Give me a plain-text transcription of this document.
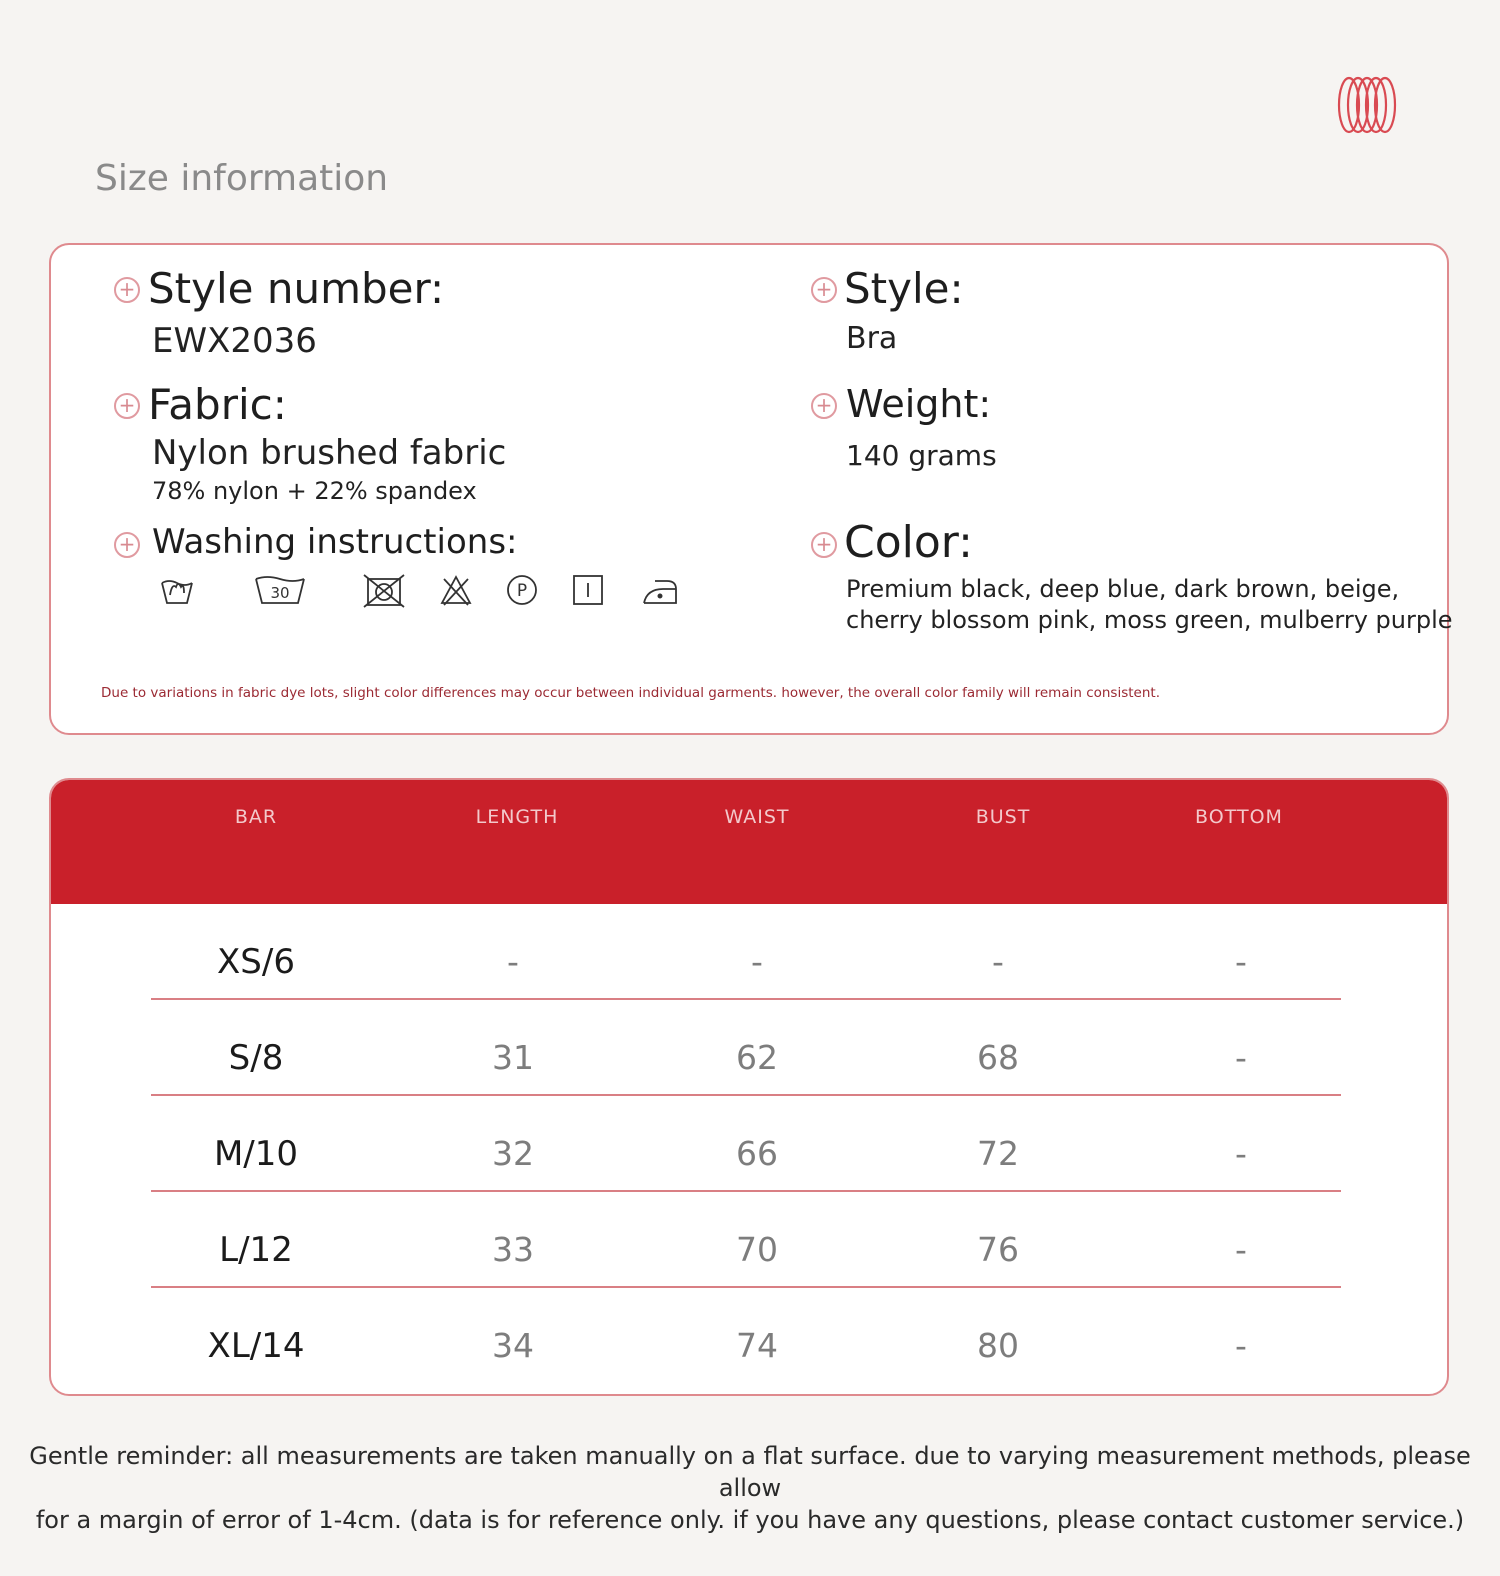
Size information
+ Style number:
EWX2036
+ Style:
Bra
+ Fabric:
Nylon brushed fabric
78% nylon + 22% spandex
+ Weight:
140 grams
+ Washing instructions:
30	P
+ Color:
Premium black, deep blue, dark brown, beige,
cherry blossom pink, moss green, mulberry purple
Due to variations in fabric dye lots, slight color differences may occur between individual garments. however, the overall color family will remain consistent.
BAR	LENGTH	WAIST	BUST	BOTTOM
XS/6	-	-	-	-
S/8	31	62	68	-
M/10	32	66	72	-
L/12	33	70	76	-
XL/14	34	74	80	-
Gentle reminder: all measurements are taken manually on a flat surface. due to varying measurement methods, please allow
for a margin of error of 1-4cm. (data is for reference only. if you have any questions, please contact customer service.)
